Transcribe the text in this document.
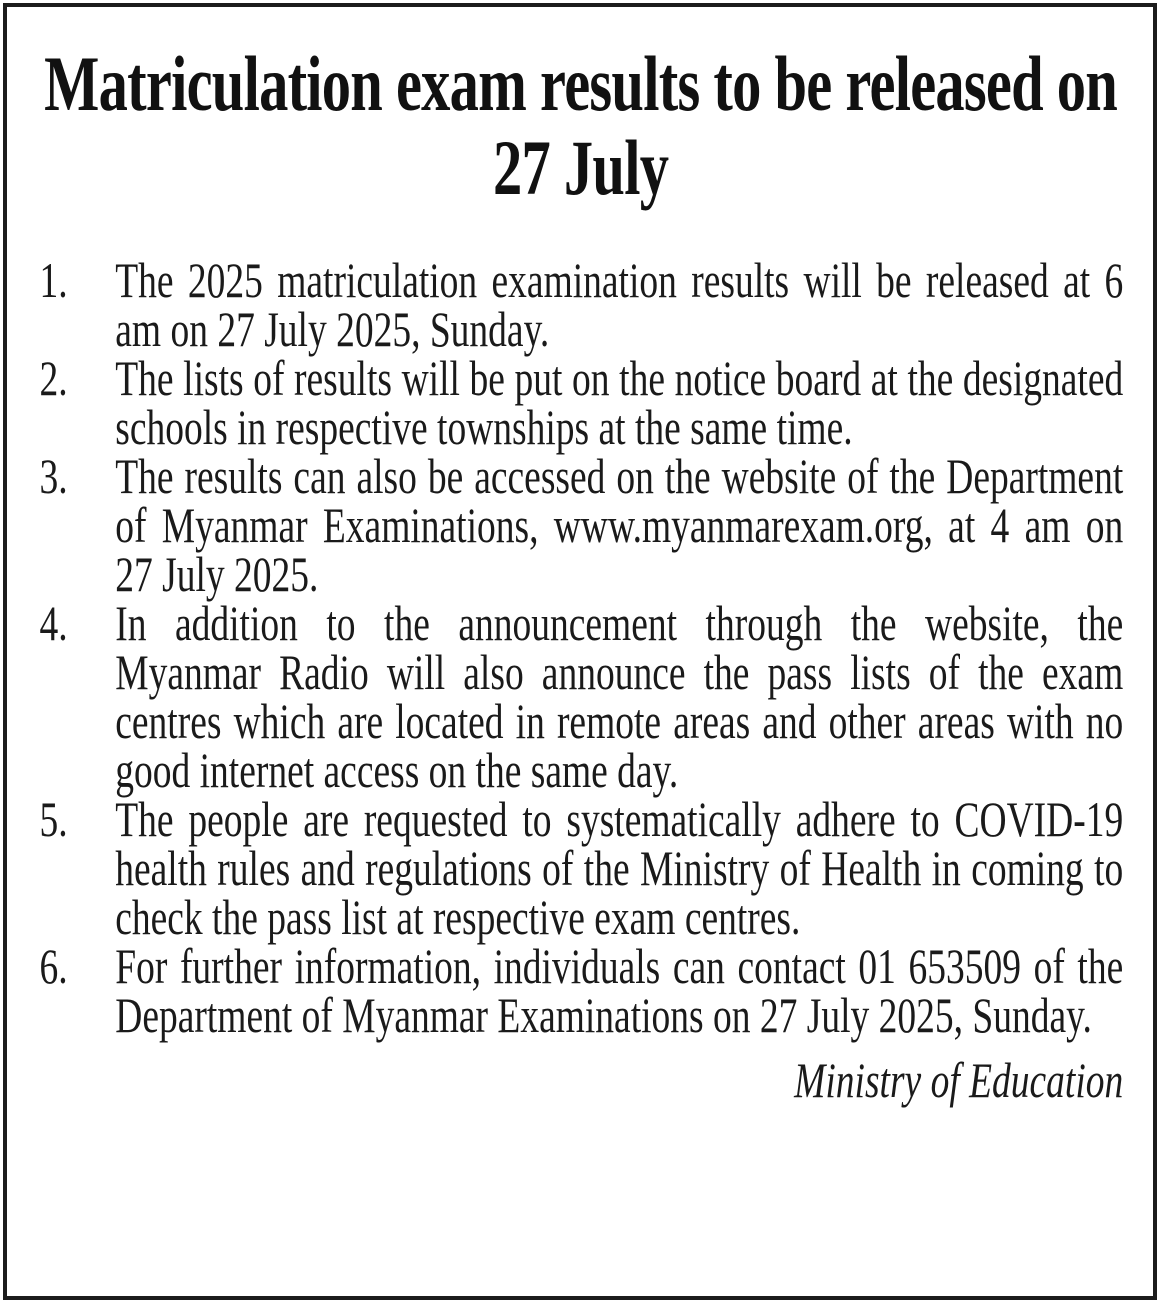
Matriculation exam results to be released on 27 July
1. The 2025 matriculation examination results will be released at 6 am on 27 July 2025, Sunday.
2. The lists of results will be put on the notice board at the designated schools in respective townships at the same time.
3. The results can also be accessed on the website of the Department of Myanmar Examinations, www.myanmarexam.org, at 4 am on 27 July 2025.
4. In addition to the announcement through the website, the Myanmar Radio will also announce the pass lists of the exam centres which are located in remote areas and other areas with no good internet access on the same day.
5. The people are requested to systematically adhere to COVID-19 health rules and regulations of the Ministry of Health in coming to check the pass list at respective exam centres.
6. For further information, individuals can contact 01 653509 of the Department of Myanmar Examinations on 27 July 2025, Sunday.
Ministry of Education
